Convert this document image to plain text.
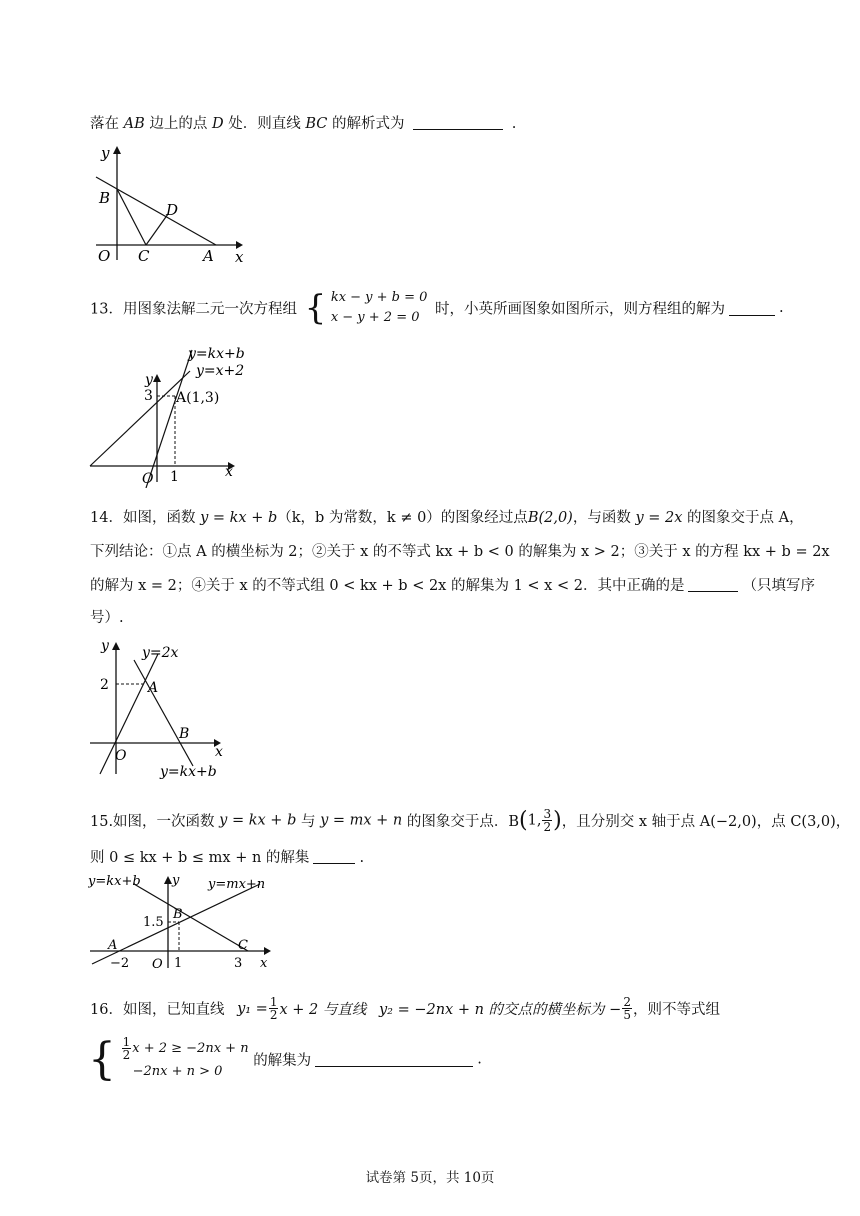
落在 AB 边上的点 D 处．则直线 BC 的解析式为	.
y
x
B
D
O C	A
13．用图象法解二元一次方程组 { kx − y + b = 0
x − y + 2 = 0	时，小英所画图象如图所示，则方程组的解为	.
y=kx+b
y=x+2
y
3 A(1,3)
O 1	x
14．如图，函数 y = kx + b（k，b 为常数，k ≠ 0）的图象经过点B(2,0)，与函数 y = 2x 的图象交于点 A，
下列结论：①点 A 的横坐标为 2；②关于 x 的不等式 kx + b < 0 的解集为 x > 2；③关于 x 的方程 kx + b = 2x
的解为 x = 2；④关于 x 的不等式组 0 < kx + b < 2x 的解集为 1 < x < 2．其中正确的是	（只填写序
号）.
y y=2x
2	A
B
O	x
y=kx+b
15.如图，一次函数 y = kx + b 与 y = mx + n 的图象交于点．B(1, $\frac{3}{2}$ )，且分别交 x 轴于点 A(−2,0)，点 C(3,0)，
则 0 ≤ kx + b ≤ mx + n 的解集	.
y=kx+b y y=mx+n
1.5
B
A	C
−2 O 1	3 x
16．如图，已知直线 $y_1 = \frac{1}{2}$ x + 2 与直线 y₂ = −2nx + n 的交点的横坐标为 − $\frac{2}{5}$ ，则不等式组
{ $\frac{1}{2}$ x + 2 ≥ −2nx + n
−2nx + n > 0
的解集为	.
试卷第 5页，共 10页
